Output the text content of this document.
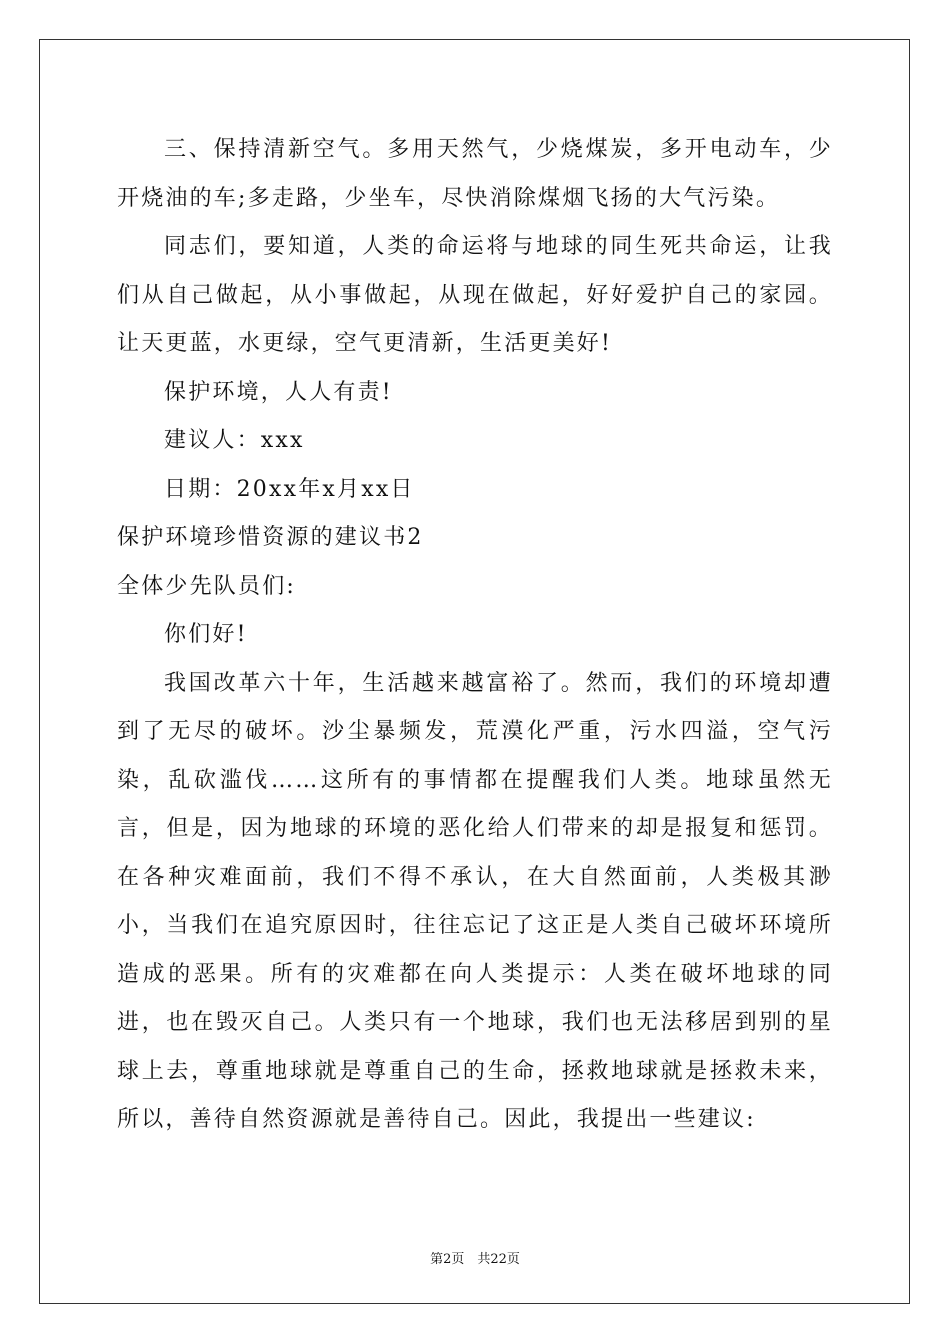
三、保持清新空气。多用天然气，少烧煤炭，多开电动车，少开烧油的车;多走路，少坐车，尽快消除煤烟飞扬的大气污染。

同志们，要知道，人类的命运将与地球的同生死共命运，让我们从自己做起，从小事做起，从现在做起，好好爱护自己的家园。让天更蓝，水更绿，空气更清新，生活更美好!

保护环境，人人有责!

建议人：xxx

日期：20xx年x月xx日

保护环境珍惜资源的建议书2

全体少先队员们:

你们好!

我国改革六十年，生活越来越富裕了。然而，我们的环境却遭到了无尽的破坏。沙尘暴频发，荒漠化严重，污水四溢，空气污染，乱砍滥伐……这所有的事情都在提醒我们人类。地球虽然无言，但是，因为地球的环境的恶化给人们带来的却是报复和惩罚。在各种灾难面前，我们不得不承认，在大自然面前，人类极其渺小，当我们在追究原因时，往往忘记了这正是人类自己破坏环境所造成的恶果。所有的灾难都在向人类提示：人类在破坏地球的同进，也在毁灭自己。人类只有一个地球，我们也无法移居到别的星球上去，尊重地球就是尊重自己的生命，拯救地球就是拯救未来，所以，善待自然资源就是善待自己。因此，我提出一些建议:

第2页　共22页
